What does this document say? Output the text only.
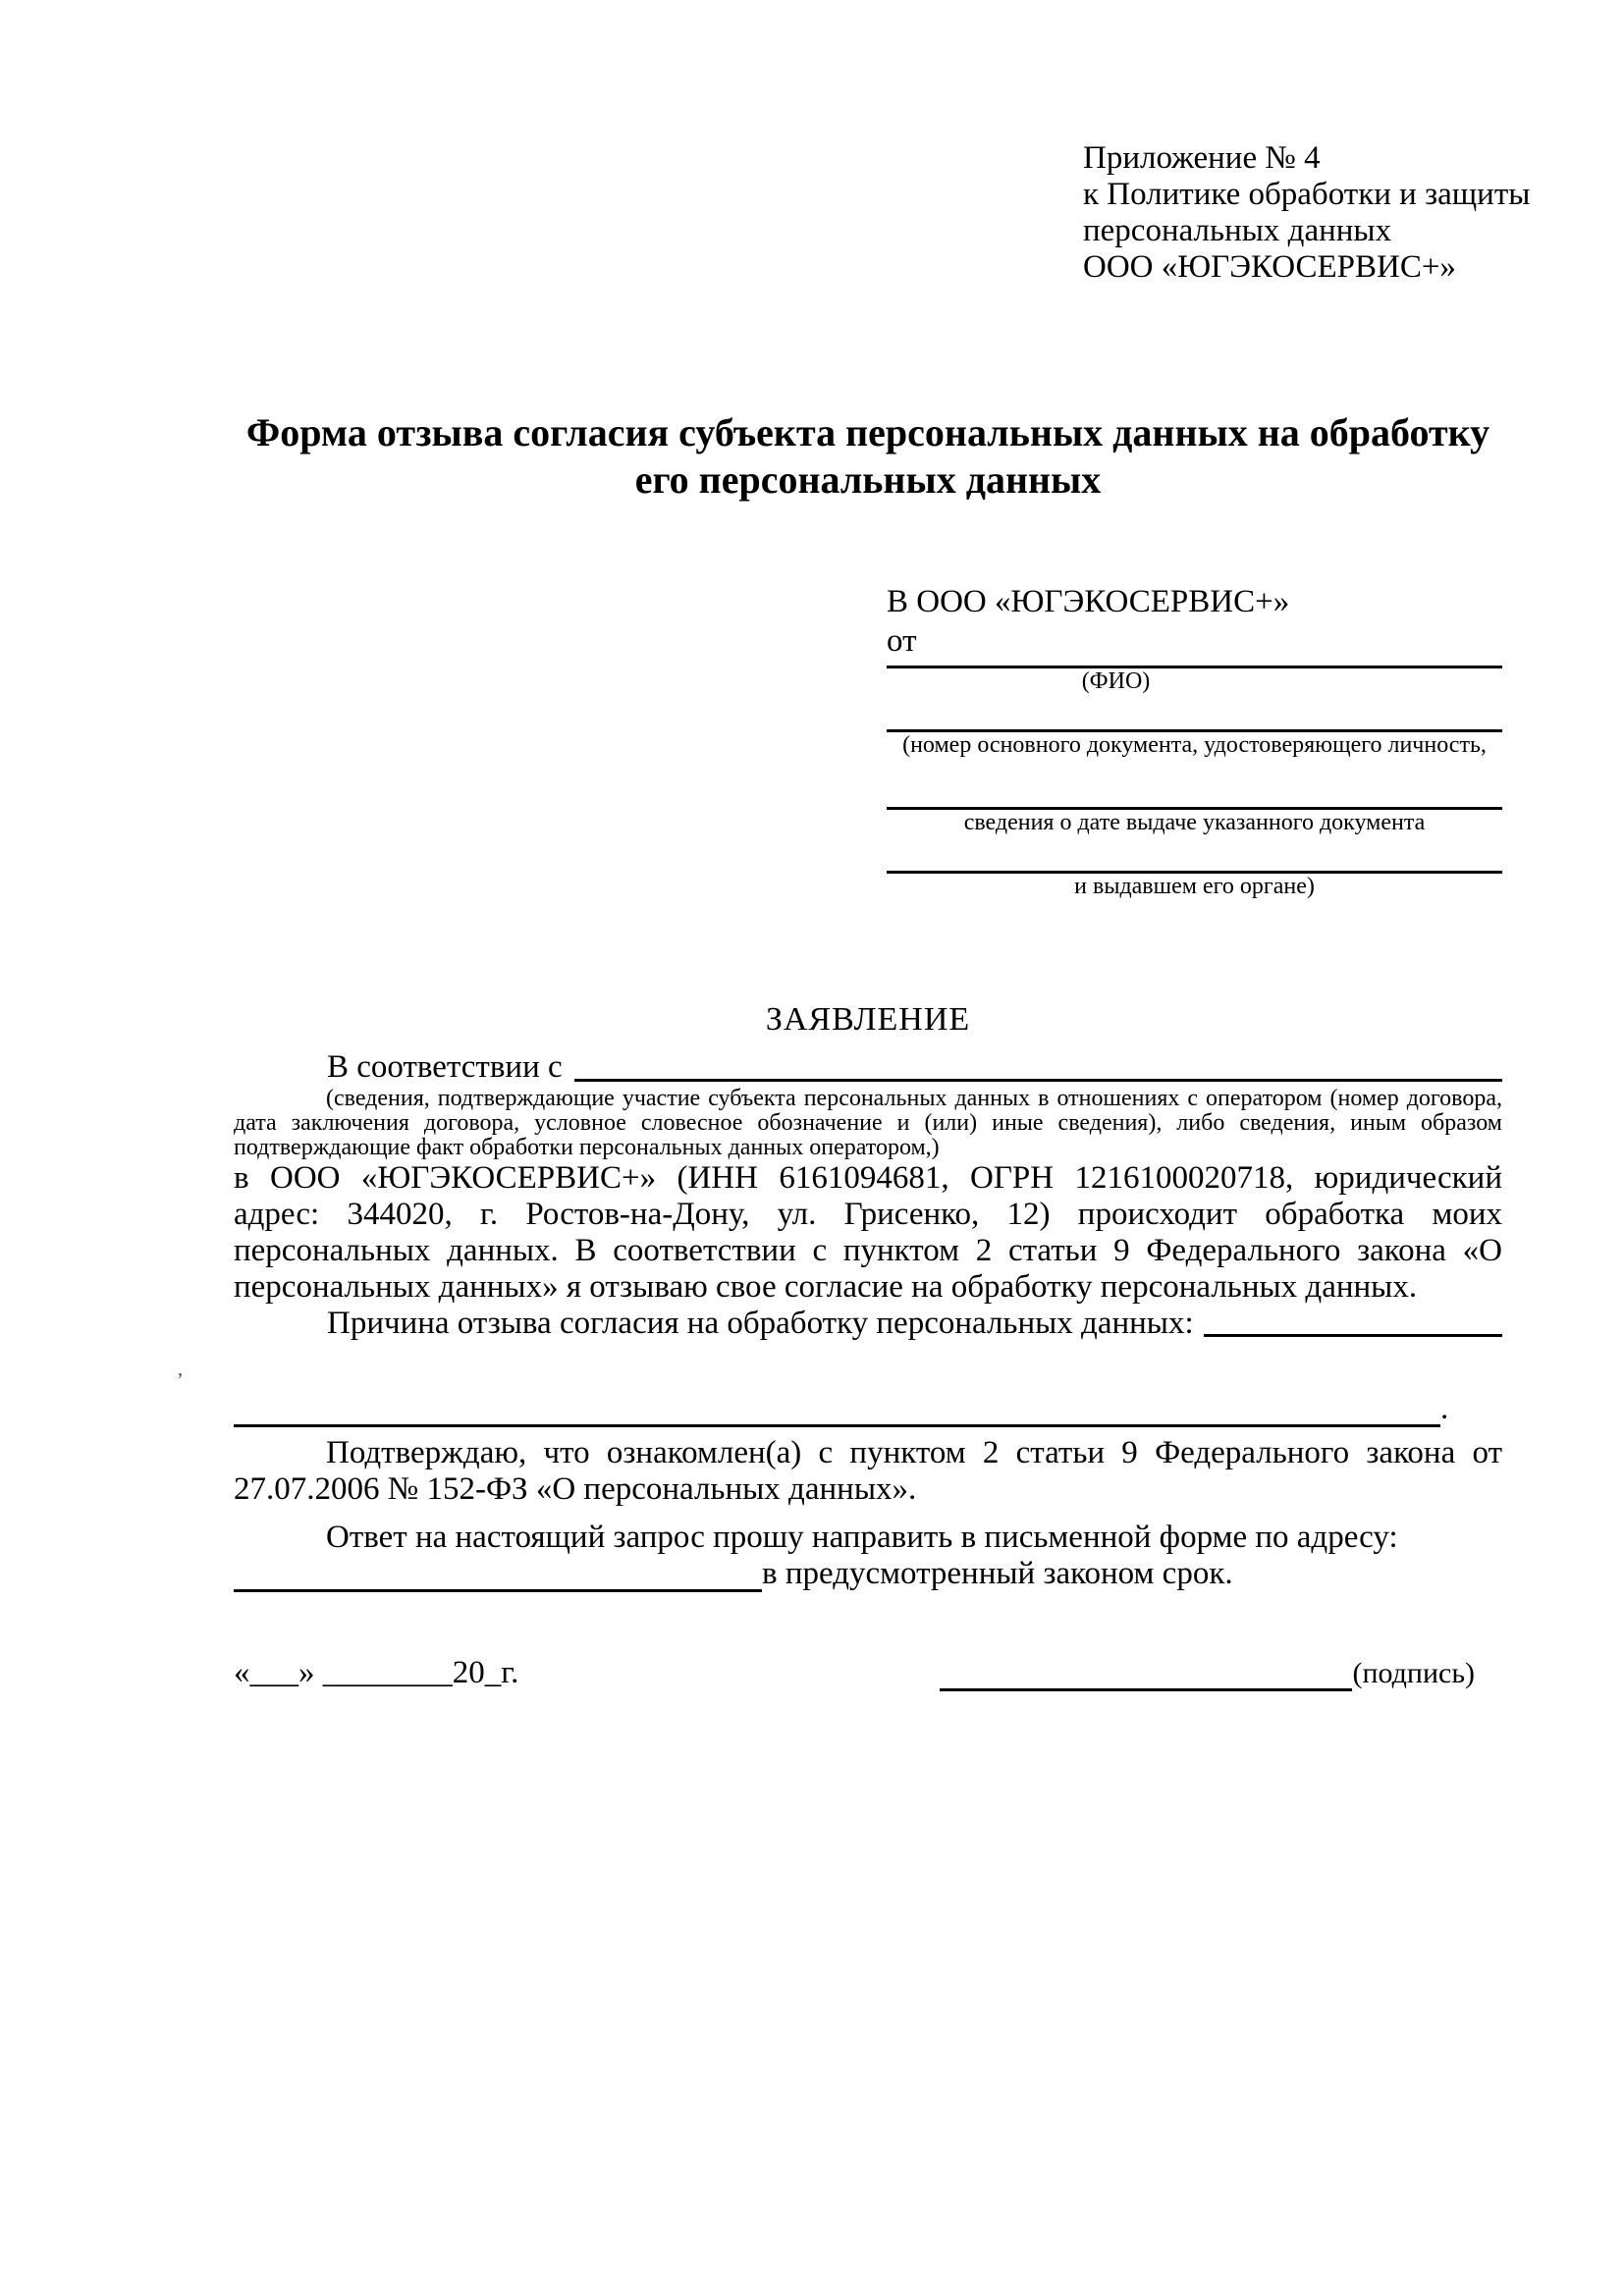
Приложение № 4
к Политике обработки и защиты
персональных данных
ООО «ЮГЭКОСЕРВИС+»
Форма отзыва согласия субъекта персональных данных на обработку его персональных данных
В ООО «ЮГЭКОСЕРВИС+»
от
(ФИО)
(номер основного документа, удостоверяющего личность,
сведения о дате выдаче указанного документа
и выдавшем его органе)
ЗАЯВЛЕНИЕ
В соответствии с
(сведения, подтверждающие участие субъекта персональных данных в отношениях с оператором (номер договора, дата заключения договора, условное словесное обозначение и (или) иные сведения), либо сведения, иным образом подтверждающие факт обработки персональных данных оператором,)
в ООО «ЮГЭКОСЕРВИС+» (ИНН 6161094681, ОГРН 1216100020718, юридический адрес: 344020, г. Ростов-на-Дону, ул. Грисенко, 12) происходит обработка моих персональных данных. В соответствии с пунктом 2 статьи 9 Федерального закона «О персональных данных» я отзываю свое согласие на обработку персональных данных.
Причина отзыва согласия на обработку персональных данных:
’
.
Подтверждаю, что ознакомлен(а) с пунктом 2 статьи 9 Федерального закона от 27.07.2006 № 152-ФЗ «О персональных данных».
Ответ на настоящий запрос прошу направить в письменной форме по адресу:
в предусмотренный законом срок.
«___» ________20_г.	(подпись)
